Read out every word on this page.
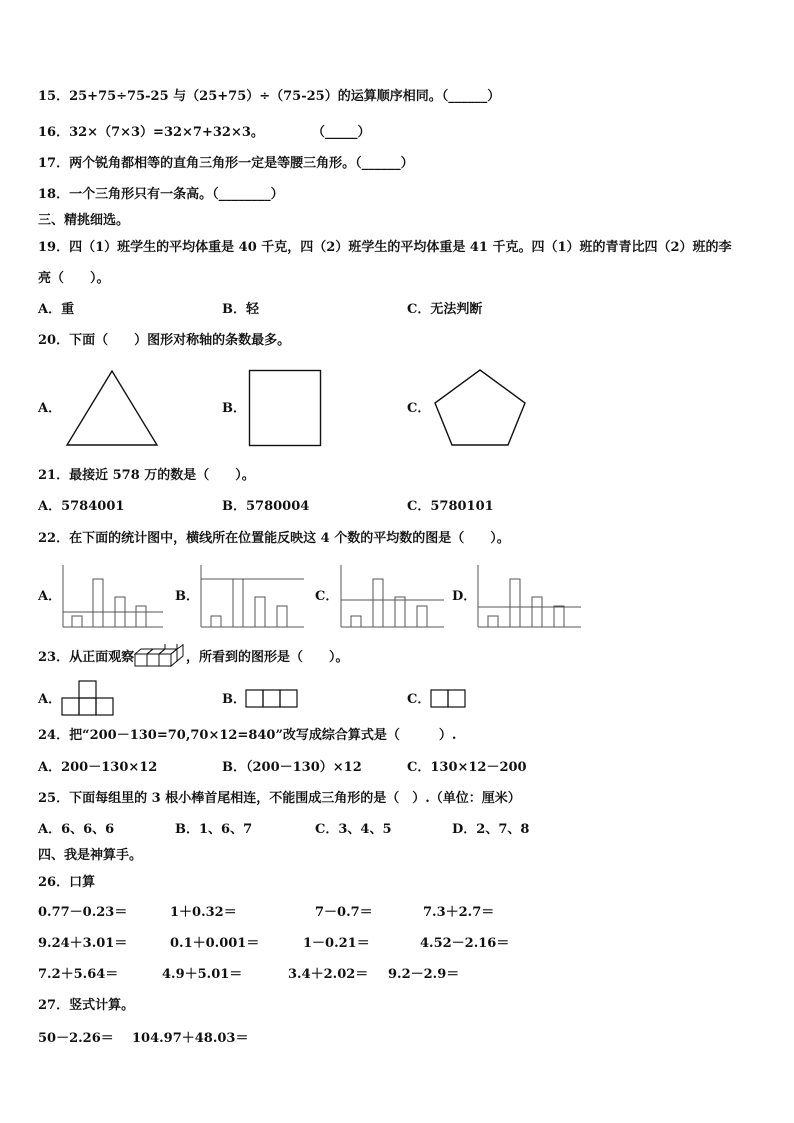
15．25+75÷75-25 与（25+75）÷（75-25）的运算顺序相同。（______）
16．32×（7×3）=32×7+32×3。	（_____）
17．两个锐角都相等的直角三角形一定是等腰三角形。（______）
18．一个三角形只有一条高。（________）
三、精挑细选。
19．四（1）班学生的平均体重是 40 千克，四（2）班学生的平均体重是 41 千克。四（1）班的青青比四（2）班的李
亮（　　）。
A．重	B．轻	C．无法判断
20．下面（　　）图形对称轴的条数最多。
A．	B．	C．
21．最接近 578 万的数是（　　）。
A．5784001	B．5780004	C．5780101
22．在下面的统计图中，横线所在位置能反映这 4 个数的平均数的图是（　　）。
A．	B．	C．	D．
23．从正面观察	，所看到的图形是（　　）。
A．	B．	C．
24．把“200－130=70,70×12=840”改写成综合算式是（　　　）.
A．200－130×12	B．（200－130）×12	C．130×12－200
25．下面每组里的 3 根小棒首尾相连，不能围成三角形的是（　）.（单位：厘米）
A．6、6、6	B．1、6、7	C．3、4、5	D．2、7、8
四、我是神算手。
26．口算
0.77－0.23＝	1＋0.32＝	7－0.7＝	7.3＋2.7＝
9.24＋3.01＝	0.1＋0.001＝	1－0.21＝	4.52－2.16＝
7.2＋5.64＝	4.9＋5.01＝	3.4＋2.02＝ 9.2－2.9＝
27．竖式计算。
50－2.26＝ 104.97＋48.03＝
